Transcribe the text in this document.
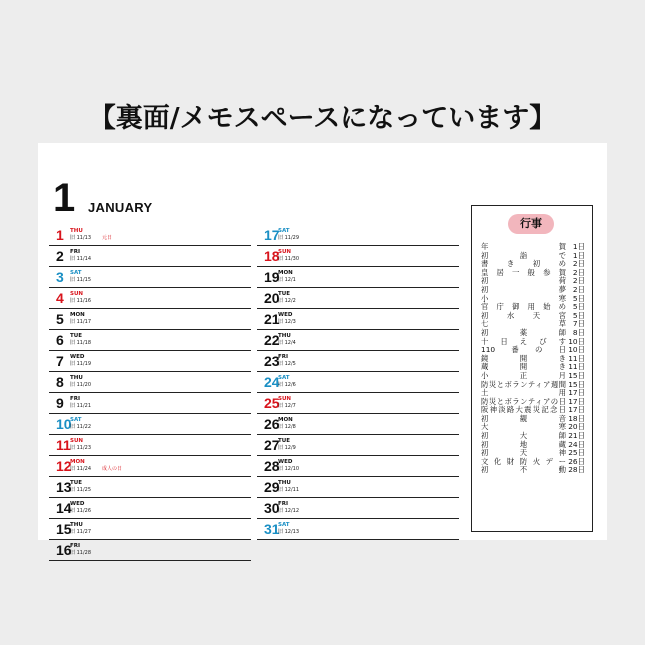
【裏面/メモスペースになっています】
1 JANUARY
1 THU
旧 11/13 元日
2 FRI
旧 11/14
3 SAT
旧 11/15
4 SUN
旧 11/16
5 MON
旧 11/17
6 TUE
旧 11/18
7 WED
旧 11/19
8 THU
旧 11/20
9 FRI
旧 11/21
10
SAT
旧 11/22
11 SUN
旧 11/23
12
MON
旧 11/24 成人の日
13
TUE
旧 11/25
14
WED
旧 11/26
15
THU
旧 11/27
16
FRI
旧 11/28
17
SAT
旧 11/29
18
SUN
旧 11/30
19
MON
旧 12/1
20
TUE
旧 12/2
21
WED
旧 12/3
22
THU
旧 12/4
23
FRI
旧 12/5
24
SAT
旧 12/6
25
SUN
旧 12/7
26
MON
旧 12/8
27
TUE
旧 12/9
28
WED
旧 12/10
29
THU
旧 12/11
30
FRI
旧 12/12
31
SAT
旧 12/13
行事
年賀 1日
初詣で 1日
書き初め 2日
皇居一般参賀 2日
初荷 2日
初夢 2日
小寒 5日
官庁御用始め 5日
初水天宮 5日
七草 7日
初薬師 8日
十日えびす 10日
110番の日 10日
鏡開き 11日
蔵開き 11日
小正月 15日
防災とボランティア週間 15日
土用 17日
防災とボランティアの日 17日
阪神淡路大震災記念日 17日
初観音 18日
大寒 20日
初大師 21日
初地蔵 24日
初天神 25日
文化財防火デー 26日
初不動 28日
